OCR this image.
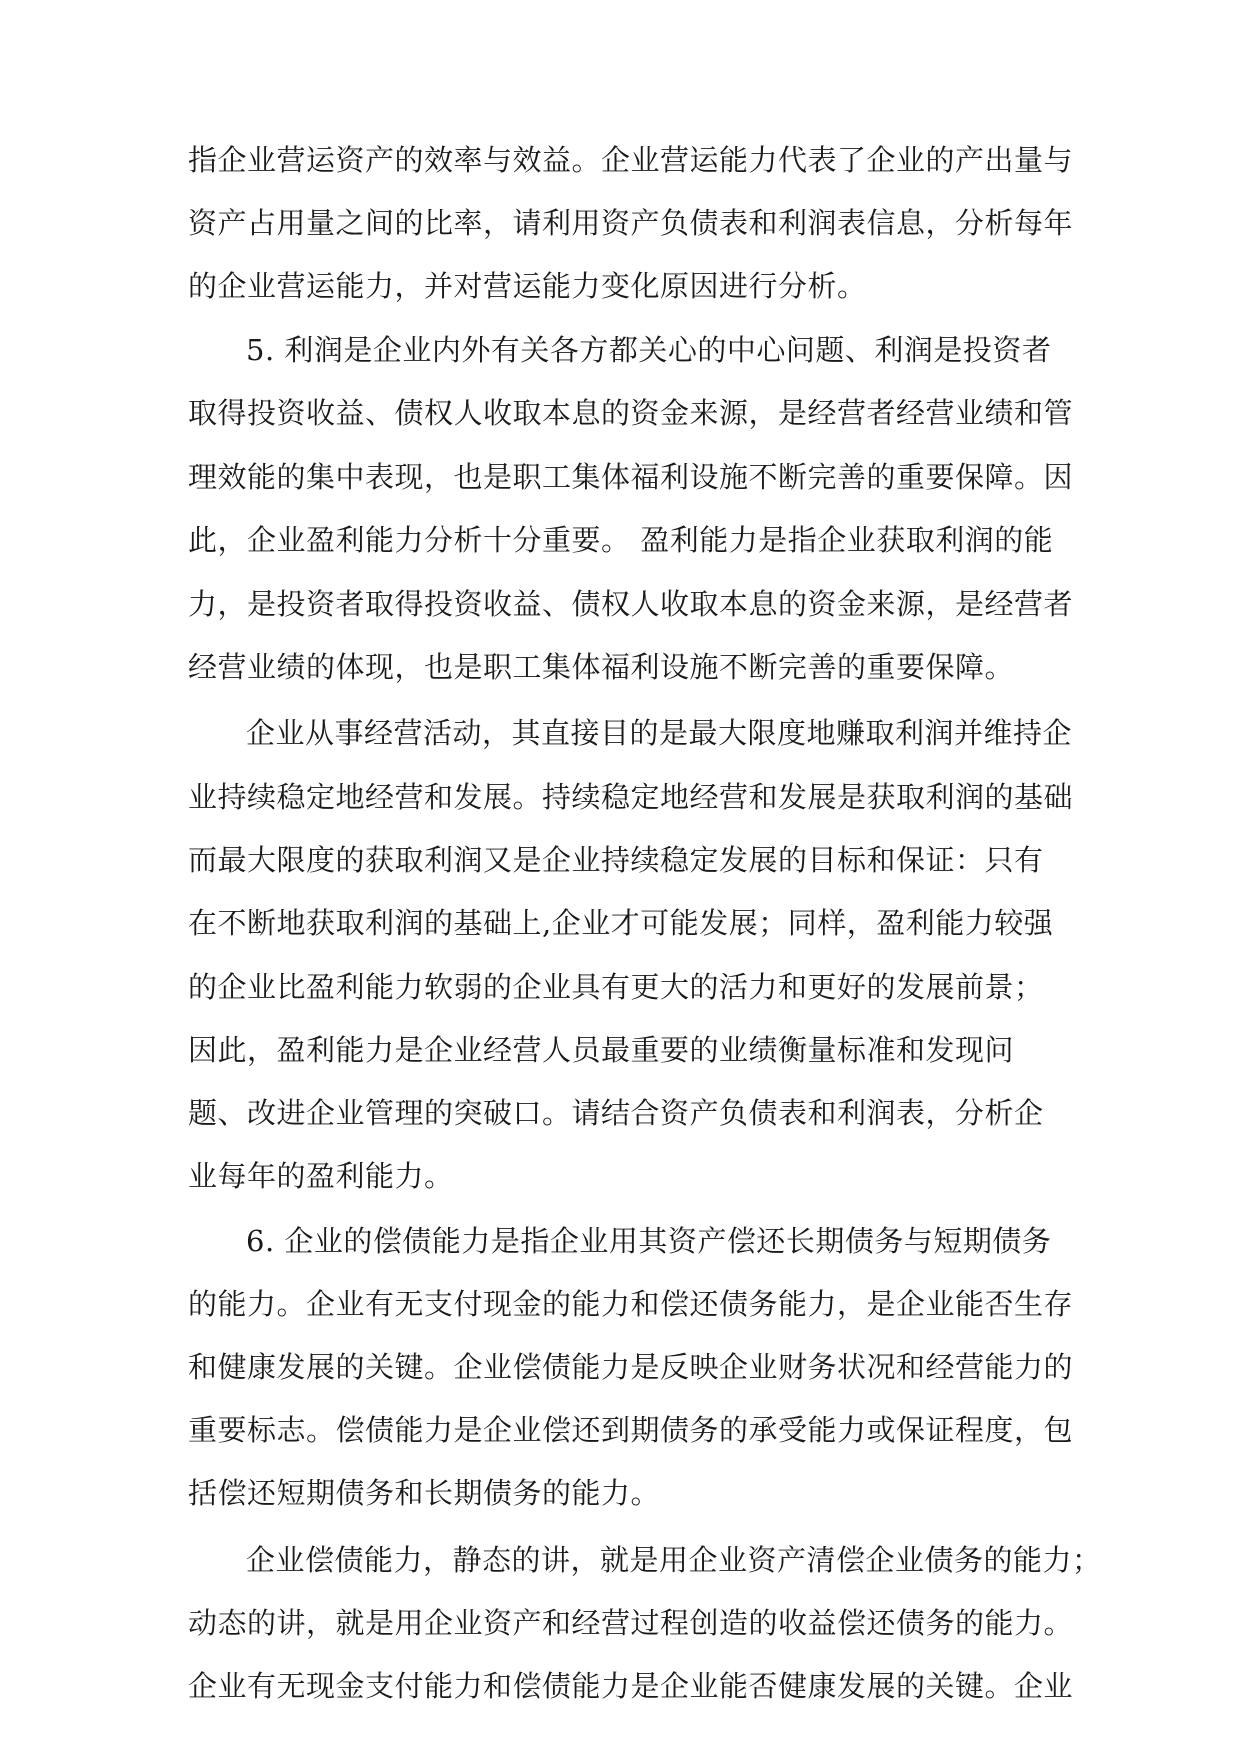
指企业营运资产的效率与效益。企业营运能力代表了企业的产出量与
资产占用量之间的比率，请利用资产负债表和利润表信息，分析每年
的企业营运能力，并对营运能力变化原因进行分析。
5. 利润是企业内外有关各方都关心的中心问题、利润是投资者
取得投资收益、债权人收取本息的资金来源，是经营者经营业绩和管
理效能的集中表现，也是职工集体福利设施不断完善的重要保障。因
此，企业盈利能力分析十分重要。 盈利能力是指企业获取利润的能
力，是投资者取得投资收益、债权人收取本息的资金来源，是经营者
经营业绩的体现，也是职工集体福利设施不断完善的重要保障。
企业从事经营活动，其直接目的是最大限度地赚取利润并维持企
业持续稳定地经营和发展。持续稳定地经营和发展是获取利润的基础
而最大限度的获取利润又是企业持续稳定发展的目标和保证：只有
在不断地获取利润的基础上,企业才可能发展；同样，盈利能力较强
的企业比盈利能力软弱的企业具有更大的活力和更好的发展前景；
因此，盈利能力是企业经营人员最重要的业绩衡量标准和发现问
题、改进企业管理的突破口。请结合资产负债表和利润表，分析企
业每年的盈利能力。
6. 企业的偿债能力是指企业用其资产偿还长期债务与短期债务
的能力。企业有无支付现金的能力和偿还债务能力，是企业能否生存
和健康发展的关键。企业偿债能力是反映企业财务状况和经营能力的
重要标志。偿债能力是企业偿还到期债务的承受能力或保证程度，包
括偿还短期债务和长期债务的能力。
企业偿债能力，静态的讲，就是用企业资产清偿企业债务的能力；
动态的讲，就是用企业资产和经营过程创造的收益偿还债务的能力。
企业有无现金支付能力和偿债能力是企业能否健康发展的关键。企业
